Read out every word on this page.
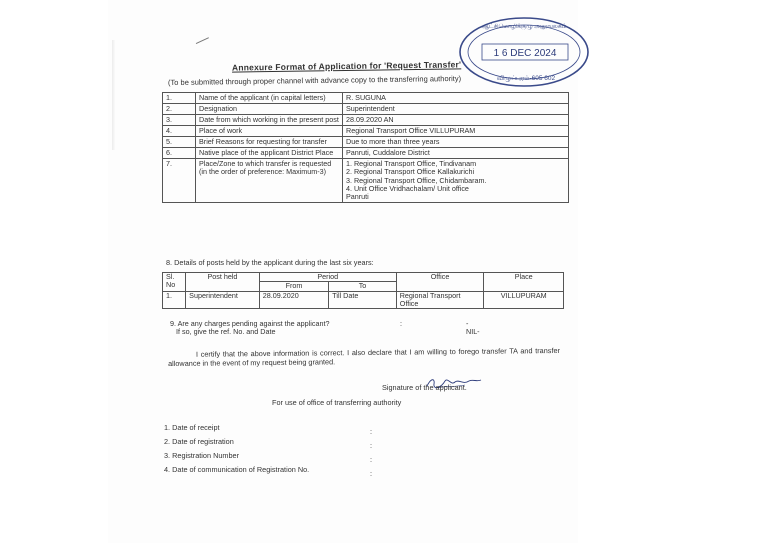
1 6 DEC 2024
ஆட்சிமொழிக்குழு அலுவலகம்
விழுப்புரம்-605 602
Annexure Format of Application for 'Request Transfer'
(To be submitted through proper channel with advance copy to the transferring authority)
1.	Name of the applicant (in capital letters)	R. SUGUNA
2.	Designation	Superintendent
3.	Date from which working in the present post	28.09.2020 AN
4.	Place of work	Regional Transport Office VILLUPURAM
5.	Brief Reasons for requesting for transfer	Due to more than three years
6.	Native place of the applicant District Place	Panruti, Cuddalore District
7.	Place/Zone to which transfer is requested (in the order of preference: Maximum-3)	1. Regional Transport Office, Tindivanam
2. Regional Transport Office Kallakurichi
3. Regional Transport Office, Chidambaram.
4. Unit Office Vridhachalam/ Unit office
Panruti
8. Details of posts held by the applicant during the last six years:
Sl. No	Post held	Period		Office	Place
		From	To		
1.	Superintendent	28.09.2020	Till Date	Regional Transport Office	VILLUPURAM
9. Are any charges pending against the applicant?
If so, give the ref. No. and Date
:	-NIL-
I certify that the above information is correct. I also declare that I am willing to forego transfer TA and transfer allowance in the event of my request being granted.
Signature of the applicant.
For use of office of transferring authority
1. Date of receipt	:
2. Date of registration	:
3. Registration Number	:
4. Date of communication of Registration No.	:
